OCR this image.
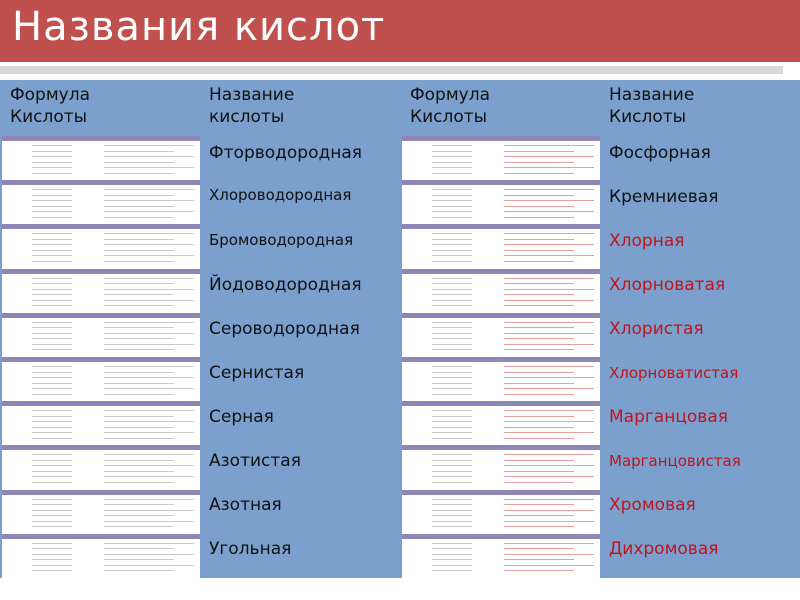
Названия кислот
Формула
Кислоты
Название
кислоты
Формула
Кислоты
Название
Кислоты
Фторводородная
Хлороводородная
Бромоводородная
Йодоводородная
Сероводородная
Сернистая
Серная
Азотистая
Азотная
Угольная
Фосфорная
Кремниевая
Хлорная
Хлорноватая
Хлористая
Хлорноватистая
Марганцовая
Марганцовистая
Хромовая
Дихромовая
